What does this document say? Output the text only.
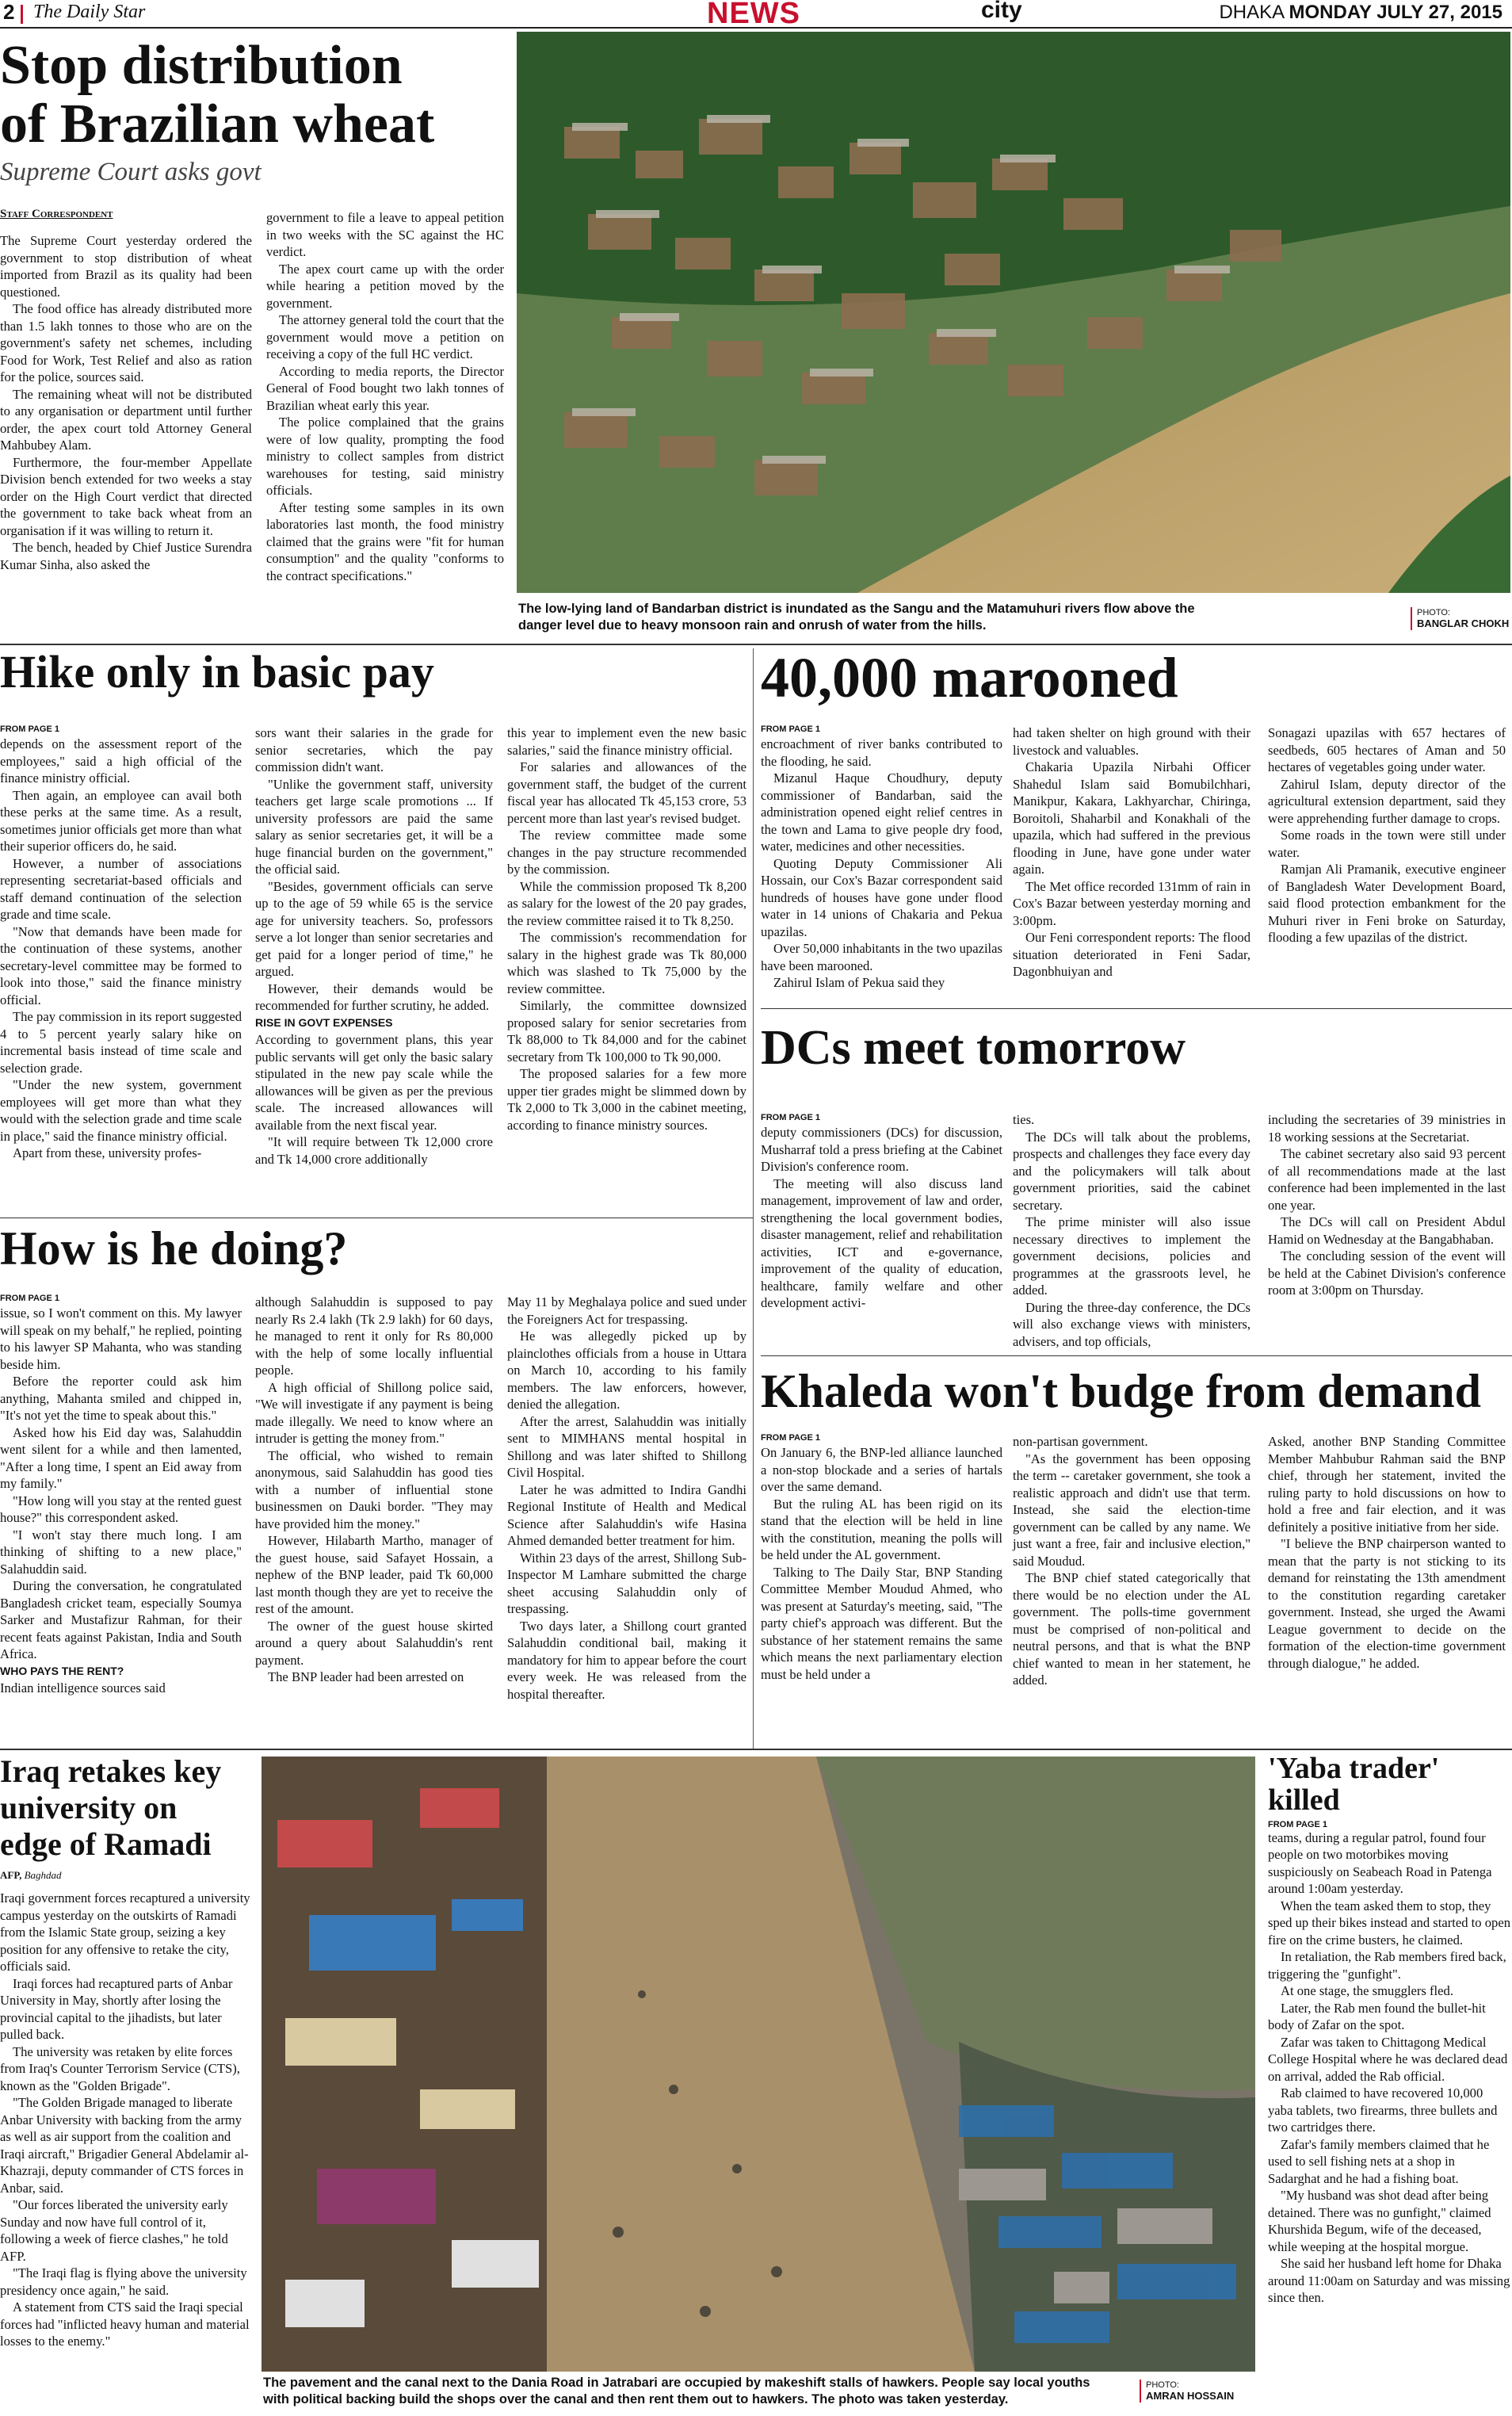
2 The Daily Star	NEWS	city	DHAKA MONDAY JULY 27, 2015
Stop distribution
of Brazilian wheat
Supreme Court asks govt
Staff Correspondent

The Supreme Court yesterday ordered the government to stop distribution of wheat imported from Brazil as its quality had been questioned.

The food office has already distributed more than 1.5 lakh tonnes to those who are on the government's safety net schemes, including Food for Work, Test Relief and also as ration for the police, sources said.

The remaining wheat will not be distributed to any organisation or department until further order, the apex court told Attorney General Mahbubey Alam.

Furthermore, the four-member Appellate Division bench extended for two weeks a stay order on the High Court verdict that directed the government to take back wheat from an organisation if it was willing to return it.

The bench, headed by Chief Justice Surendra Kumar Sinha, also asked the

government to file a leave to appeal petition in two weeks with the SC against the HC verdict.

The apex court came up with the order while hearing a petition moved by the government.

The attorney general told the court that the government would move a petition on receiving a copy of the full HC verdict.

According to media reports, the Director General of Food bought two lakh tonnes of Brazilian wheat early this year.

The police complained that the grains were of low quality, prompting the food ministry to collect samples from district warehouses for testing, said ministry officials.

After testing some samples in its own laboratories last month, the food ministry claimed that the grains were "fit for human consumption" and the quality "conforms to the contract specifications."

The low-lying land of Bandarban district is inundated as the Sangu and the Matamuhuri rivers flow above the danger level due to heavy monsoon rain and onrush of water from the hills.
PHOTO:
BANGLAR CHOKH
Hike only in basic pay
FROM PAGE 1

depends on the assessment report of the employees," said a high official of the finance ministry official.

Then again, an employee can avail both these perks at the same time. As a result, sometimes junior officials get more than what their superior officers do, he said.

However, a number of associations representing secretariat-based officials and staff demand continuation of the selection grade and time scale.

"Now that demands have been made for the continuation of these systems, another secretary-level committee may be formed to look into those," said the finance ministry official.

The pay commission in its report suggested 4 to 5 percent yearly salary hike on incremental basis instead of time scale and selection grade.

"Under the new system, government employees will get more than what they would with the selection grade and time scale in place," said the finance ministry official.

Apart from these, university profes-

sors want their salaries in the grade for senior secretaries, which the pay commission didn't want.

"Unlike the government staff, university teachers get large scale promotions ... If university professors are paid the same salary as senior secretaries get, it will be a huge financial burden on the government," the official said.

"Besides, government officials can serve up to the age of 59 while 65 is the service age for university teachers. So, professors serve a lot longer than senior secretaries and get paid for a longer period of time," he argued.

However, their demands would be recommended for further scrutiny, he added.

RISE IN GOVT EXPENSES

According to government plans, this year public servants will get only the basic salary stipulated in the new pay scale while the allowances will be given as per the previous scale. The increased allowances will available from the next fiscal year.

"It will require between Tk 12,000 crore and Tk 14,000 crore additionally

this year to implement even the new basic salaries," said the finance ministry official.

For salaries and allowances of the government staff, the budget of the current fiscal year has allocated Tk 45,153 crore, 53 percent more than last year's revised budget.

The review committee made some changes in the pay structure recommended by the commission.

While the commission proposed Tk 8,200 as salary for the lowest of the 20 pay grades, the review committee raised it to Tk 8,250.

The commission's recommendation for salary in the highest grade was Tk 80,000 which was slashed to Tk 75,000 by the review committee.

Similarly, the committee downsized proposed salary for senior secretaries from Tk 88,000 to Tk 84,000 and for the cabinet secretary from Tk 100,000 to Tk 90,000.

The proposed salaries for a few more upper tier grades might be slimmed down by Tk 2,000 to Tk 3,000 in the cabinet meeting, according to finance ministry sources.

40,000 marooned
FROM PAGE 1

encroachment of river banks contributed to the flooding, he said.

Mizanul Haque Choudhury, deputy commissioner of Bandarban, said the administration opened eight relief centres in the town and Lama to give people dry food, water, medicines and other necessities.

Quoting Deputy Commissioner Ali Hossain, our Cox's Bazar correspondent said hundreds of houses have gone under flood water in 14 unions of Chakaria and Pekua upazilas.

Over 50,000 inhabitants in the two upazilas have been marooned.

Zahirul Islam of Pekua said they

had taken shelter on high ground with their livestock and valuables.

Chakaria Upazila Nirbahi Officer Shahedul Islam said Bomubilchhari, Manikpur, Kakara, Lakhyarchar, Chiringa, Boroitoli, Shaharbil and Konakhali of the upazila, which had suffered in the previous flooding in June, have gone under water again.

The Met office recorded 131mm of rain in Cox's Bazar between yesterday morning and 3:00pm.

Our Feni correspondent reports: The flood situation deteriorated in Feni Sadar, Dagonbhuiyan and

Sonagazi upazilas with 657 hectares of seedbeds, 605 hectares of Aman and 50 hectares of vegetables going under water.

Zahirul Islam, deputy director of the agricultural extension department, said they were apprehending further damage to crops.

Some roads in the town were still under water.

Ramjan Ali Pramanik, executive engineer of Bangladesh Water Development Board, said flood protection embankment for the Muhuri river in Feni broke on Saturday, flooding a few upazilas of the district.

DCs meet tomorrow
FROM PAGE 1

deputy commissioners (DCs) for discussion, Musharraf told a press briefing at the Cabinet Division's conference room.

The meeting will also discuss land management, improvement of law and order, strengthening the local government bodies, disaster management, relief and rehabilitation activities, ICT and e-governance, improvement of the quality of education, healthcare, family welfare and other development activi-

ties.

The DCs will talk about the problems, prospects and challenges they face every day and the policymakers will talk about government priorities, said the cabinet secretary.

The prime minister will also issue necessary directives to implement the government decisions, policies and programmes at the grassroots level, he added.

During the three-day conference, the DCs will also exchange views with ministers, advisers, and top officials,

including the secretaries of 39 ministries in 18 working sessions at the Secretariat.

The cabinet secretary also said 93 percent of all recommendations made at the last conference had been implemented in the last one year.

The DCs will call on President Abdul Hamid on Wednesday at the Bangabhaban.

The concluding session of the event will be held at the Cabinet Division's conference room at 3:00pm on Thursday.

How is he doing?
FROM PAGE 1

issue, so I won't comment on this. My lawyer will speak on my behalf," he replied, pointing to his lawyer SP Mahanta, who was standing beside him.

Before the reporter could ask him anything, Mahanta smiled and chipped in, "It's not yet the time to speak about this."

Asked how his Eid day was, Salahuddin went silent for a while and then lamented, "After a long time, I spent an Eid away from my family."

"How long will you stay at the rented guest house?" this correspondent asked.

"I won't stay there much long. I am thinking of shifting to a new place," Salahuddin said.

During the conversation, he congratulated Bangladesh cricket team, especially Soumya Sarker and Mustafizur Rahman, for their recent feats against Pakistan, India and South Africa.

WHO PAYS THE RENT?

Indian intelligence sources said

although Salahuddin is supposed to pay nearly Rs 2.4 lakh (Tk 2.9 lakh) for 60 days, he managed to rent it only for Rs 80,000 with the help of some locally influential people.

A high official of Shillong police said, "We will investigate if any payment is being made illegally. We need to know where an intruder is getting the money from."

The official, who wished to remain anonymous, said Salahuddin has good ties with a number of influential stone businessmen on Dauki border. "They may have provided him the money."

However, Hilabarth Martho, manager of the guest house, said Safayet Hossain, a nephew of the BNP leader, paid Tk 60,000 last month though they are yet to receive the rest of the amount.

The owner of the guest house skirted around a query about Salahuddin's rent payment.

The BNP leader had been arrested on

May 11 by Meghalaya police and sued under the Foreigners Act for trespassing.

He was allegedly picked up by plainclothes officials from a house in Uttara on March 10, according to his family members. The law enforcers, however, denied the allegation.

After the arrest, Salahuddin was initially sent to MIMHANS mental hospital in Shillong and was later shifted to Shillong Civil Hospital.

Later he was admitted to Indira Gandhi Regional Institute of Health and Medical Science after Salahuddin's wife Hasina Ahmed demanded better treatment for him.

Within 23 days of the arrest, Shillong Sub-Inspector M Lamhare submitted the charge sheet accusing Salahuddin only of trespassing.

Two days later, a Shillong court granted Salahuddin conditional bail, making it mandatory for him to appear before the court every week. He was released from the hospital thereafter.

Khaleda won't budge from demand
FROM PAGE 1

On January 6, the BNP-led alliance launched a non-stop blockade and a series of hartals over the same demand.

But the ruling AL has been rigid on its stand that the election will be held in line with the constitution, meaning the polls will be held under the AL government.

Talking to The Daily Star, BNP Standing Committee Member Moudud Ahmed, who was present at Saturday's meeting, said, "The party chief's approach was different. But the substance of her statement remains the same which means the next parliamentary election must be held under a

non-partisan government.

"As the government has been opposing the term -- caretaker government, she took a realistic approach and didn't use that term. Instead, she said the election-time government can be called by any name. We just want a free, fair and inclusive election," said Moudud.

The BNP chief stated categorically that there would be no election under the AL government. The polls-time government must be comprised of non-political and neutral persons, and that is what the BNP chief wanted to mean in her statement, he added.

Asked, another BNP Standing Committee Member Mahbubur Rahman said the BNP chief, through her statement, invited the ruling party to hold discussions on how to hold a free and fair election, and it was definitely a positive initiative from her side.

"I believe the BNP chairperson wanted to mean that the party is not sticking to its demand for reinstating the 13th amendment to the constitution regarding caretaker government. Instead, she urged the Awami League government to decide on the formation of the election-time government through dialogue," he added.

Iraq retakes key
university on
edge of Ramadi
AFP, Baghdad

Iraqi government forces recaptured a university campus yesterday on the outskirts of Ramadi from the Islamic State group, seizing a key position for any offensive to retake the city, officials said.

Iraqi forces had recaptured parts of Anbar University in May, shortly after losing the provincial capital to the jihadists, but later pulled back.

The university was retaken by elite forces from Iraq's Counter Terrorism Service (CTS), known as the "Golden Brigade".

"The Golden Brigade managed to liberate Anbar University with backing from the army as well as air support from the coalition and Iraqi aircraft," Brigadier General Abdelamir al-Khazraji, deputy commander of CTS forces in Anbar, said.

"Our forces liberated the university early Sunday and now have full control of it, following a week of fierce clashes," he told AFP.

"The Iraqi flag is flying above the university presidency once again," he said.

A statement from CTS said the Iraqi special forces had "inflicted heavy human and material losses to the enemy."

The pavement and the canal next to the Dania Road in Jatrabari are occupied by makeshift stalls of hawkers. People say local youths with political backing build the shops over the canal and then rent them out to hawkers. The photo was taken yesterday.
PHOTO:
AMRAN HOSSAIN
'Yaba trader' killed
FROM PAGE 1

teams, during a regular patrol, found four people on two motorbikes moving suspiciously on Seabeach Road in Patenga around 1:00am yesterday.

When the team asked them to stop, they sped up their bikes instead and started to open fire on the crime busters, he claimed.

In retaliation, the Rab members fired back, triggering the "gunfight".

At one stage, the smugglers fled.

Later, the Rab men found the bullet-hit body of Zafar on the spot.

Zafar was taken to Chittagong Medical College Hospital where he was declared dead on arrival, added the Rab official.

Rab claimed to have recovered 10,000 yaba tablets, two firearms, three bullets and two cartridges there.

Zafar's family members claimed that he used to sell fishing nets at a shop in Sadarghat and he had a fishing boat.

"My husband was shot dead after being detained. There was no gunfight," claimed Khurshida Begum, wife of the deceased, while weeping at the hospital morgue.

She said her husband left home for Dhaka around 11:00am on Saturday and was missing since then.
